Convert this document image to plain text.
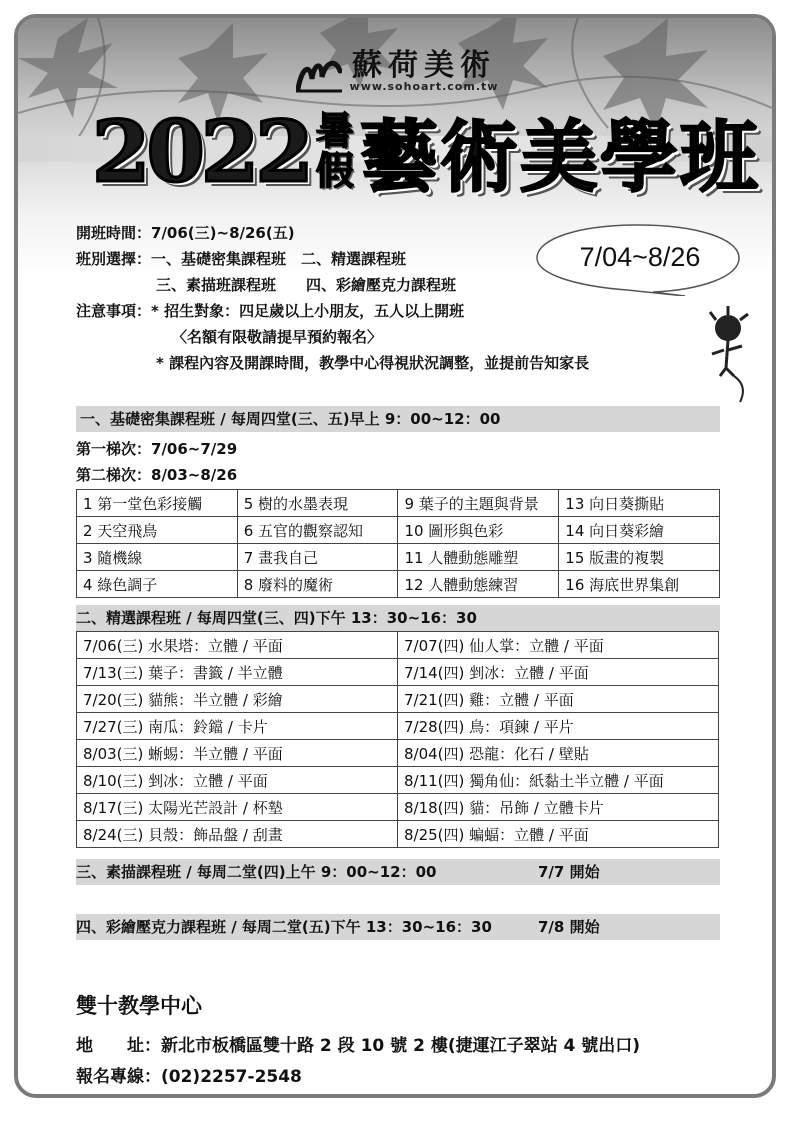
蘇荷美術
www.sohoart.com.tw
2022 暑
假 藝術美學班
開班時間：7/06(三)~8/26(五)
班別選擇：一、基礎密集課程班　二、精選課程班
三、素描班課程班　　四、彩繪壓克力課程班
注意事項：* 招生對象：四足歲以上小朋友，五人以上開班
〈名額有限敬請提早預約報名〉
* 課程內容及開課時間，教學中心得視狀況調整，並提前告知家長
7/04~8/26
一、基礎密集課程班 / 每周四堂(三、五)早上 9：00~12：00
第一梯次：7/06~7/29
第二梯次：8/03~8/26
1 第一堂色彩接觸	5 樹的水墨表現	9 葉子的主題與背景	13 向日葵撕貼
2 天空飛鳥	6 五官的觀察認知	10 圖形與色彩	14 向日葵彩繪
3 隨機線	7 畫我自己	11 人體動態雕塑	15 版畫的複製
4 綠色調子	8 廢料的魔術	12 人體動態練習	16 海底世界集創
二、精選課程班 / 每周四堂(三、四)下午 13：30~16：30
7/06(三) 水果塔：立體 / 平面	7/07(四) 仙人掌：立體 / 平面
7/13(三) 葉子：書籤 / 半立體	7/14(四) 剉冰：立體 / 平面
7/20(三) 貓熊：半立體 / 彩繪	7/21(四) 雞：立體 / 平面
7/27(三) 南瓜：鈴鐺 / 卡片	7/28(四) 鳥：項鍊 / 平片
8/03(三) 蜥蜴：半立體 / 平面	8/04(四) 恐龍：化石 / 壁貼
8/10(三) 剉冰：立體 / 平面	8/11(四) 獨角仙：紙黏土半立體 / 平面
8/17(三) 太陽光芒設計 / 杯墊	8/18(四) 貓：吊飾 / 立體卡片
8/24(三) 貝殼：飾品盤 / 刮畫	8/25(四) 蝙蝠：立體 / 平面
三、素描課程班 / 每周二堂(四)上午 9：00~12：00	7/7 開始
四、彩繪壓克力課程班 / 每周二堂(五)下午 13：30~16：30	7/8 開始
雙十教學中心
地　　址：新北市板橋區雙十路 2 段 10 號 2 樓(捷運江子翠站 4 號出口)
報名專線：(02)2257-2548
